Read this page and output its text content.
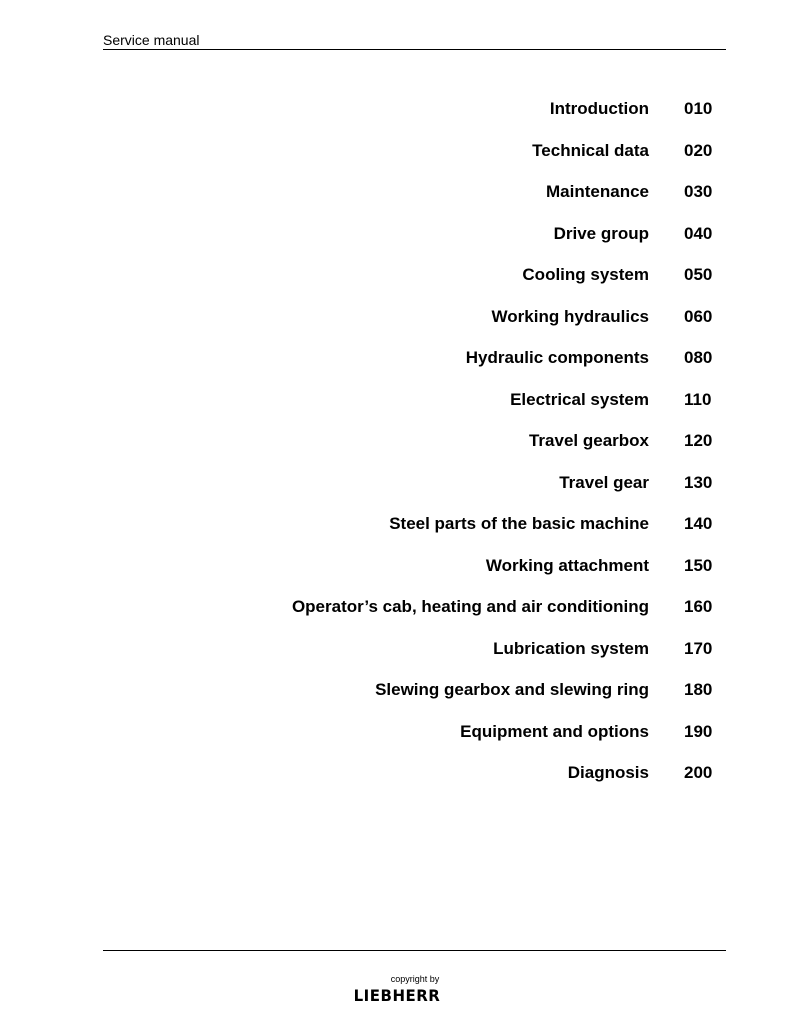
Service manual
Introduction 010
Technical data 020
Maintenance 030
Drive group 040
Cooling system 050
Working hydraulics 060
Hydraulic components 080
Electrical system 110
Travel gearbox 120
Travel gear 130
Steel parts of the basic machine 140
Working attachment 150
Operator’s cab, heating and air conditioning 160
Lubrication system 170
Slewing gearbox and slewing ring 180
Equipment and options 190
Diagnosis 200
copyright by
LIEBHERR
